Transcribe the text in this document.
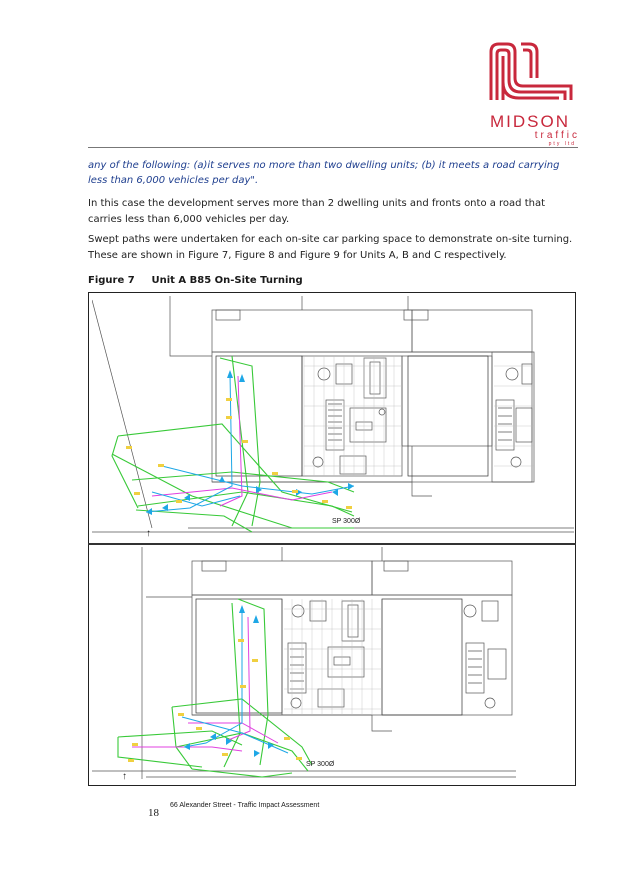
MIDSON
traffic
pty ltd
any of the following: (a)it serves no more than two dwelling units; (b) it meets a road carrying less than 6,000 vehicles per day".
In this case the development serves more than 2 dwelling units and fronts onto a road that carries less than 6,000 vehicles per day.
Swept paths were undertaken for each on-site car parking space to demonstrate on-site turning. These are shown in Figure 7, Figure 8 and Figure 9 for Units A, B and C respectively.
Figure 7 Unit A B85 On-Site Turning
SP 300Ø
↑
SP 300Ø
↑
18
66 Alexander Street - Traffic Impact Assessment
